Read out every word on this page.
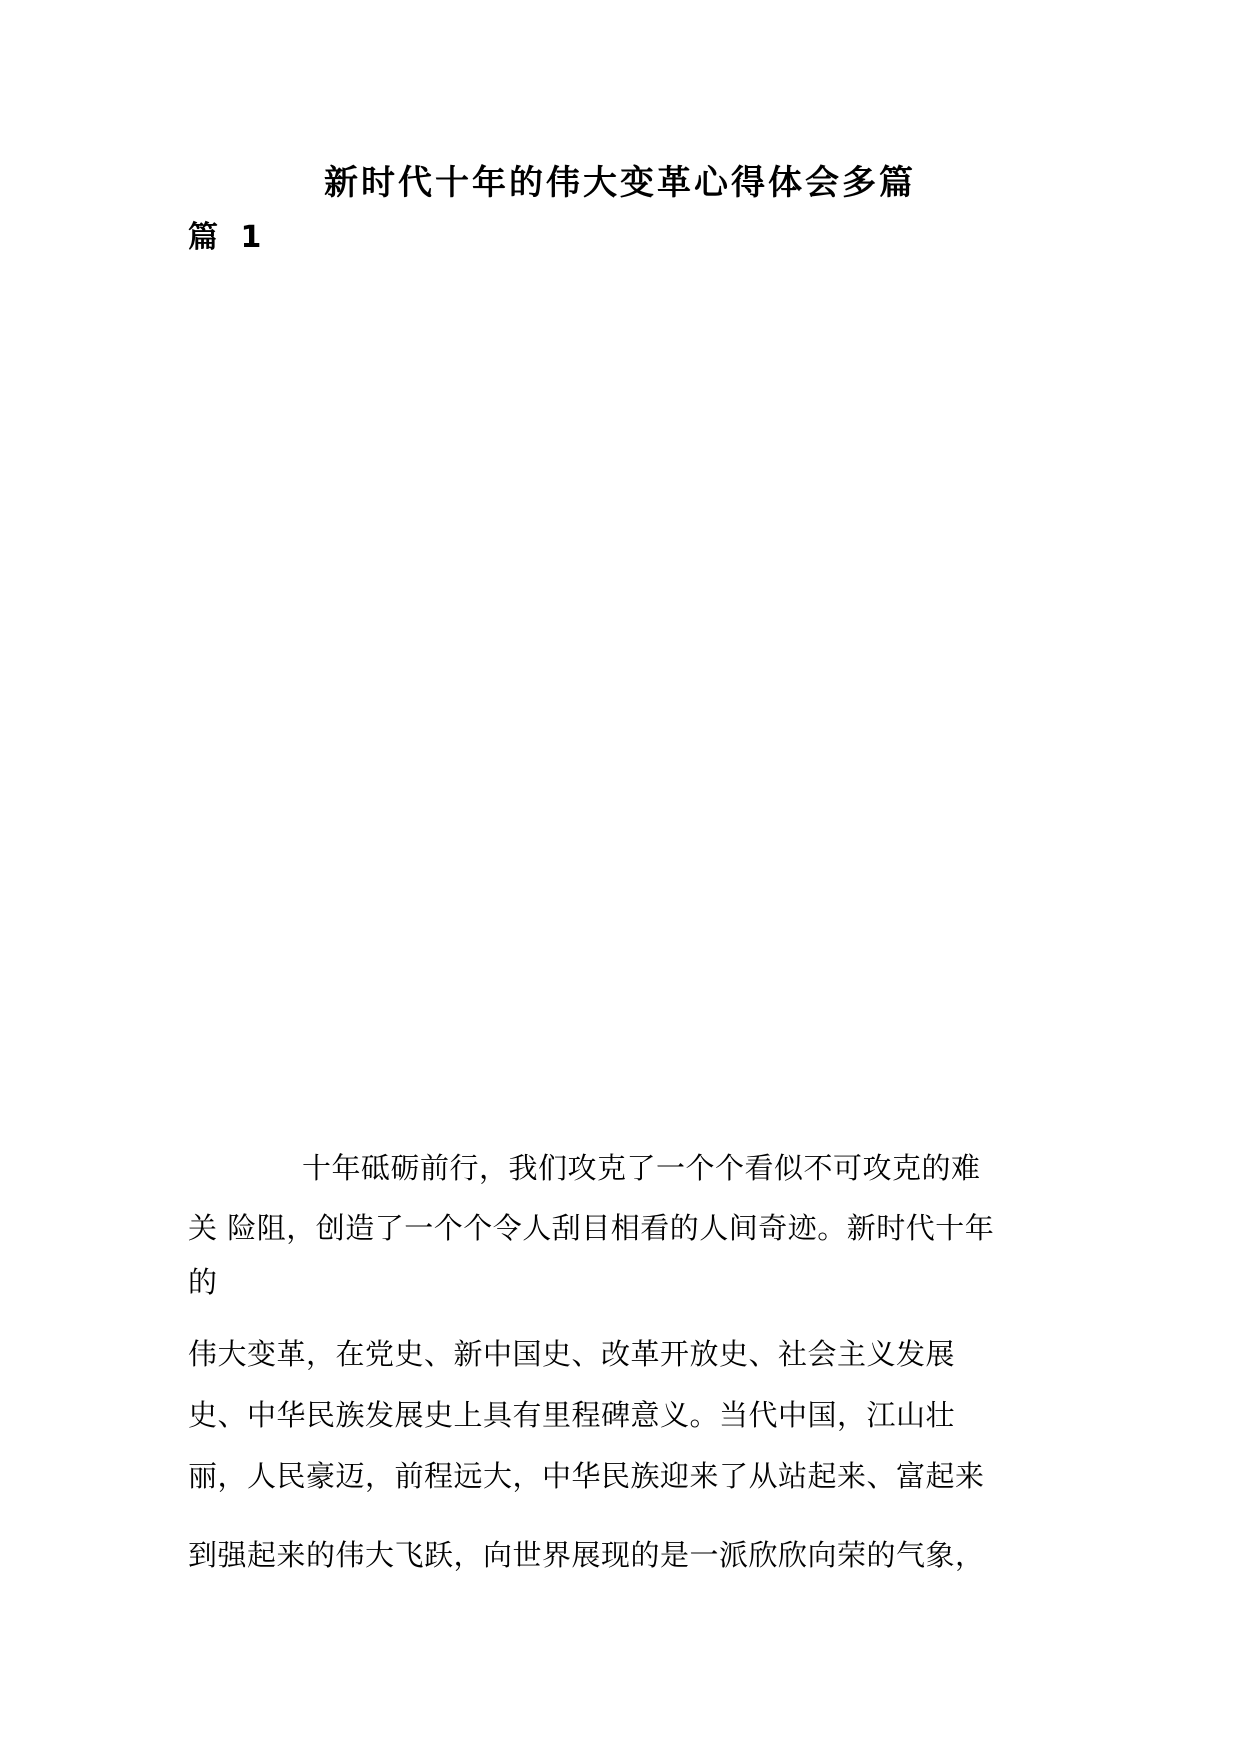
新时代十年的伟大变革心得体会多篇
篇 1
十年砥砺前行，我们攻克了一个个看似不可攻克的难
关 险阻，创造了一个个令人刮目相看的人间奇迹。新时代十年
的
伟大变革，在党史、新中国史、改革开放史、社会主义发展
史、中华民族发展史上具有里程碑意义。当代中国，江山壮
丽，人民豪迈，前程远大，中华民族迎来了从站起来、富起来
到强起来的伟大飞跃，向世界展现的是一派欣欣向荣的气象，
